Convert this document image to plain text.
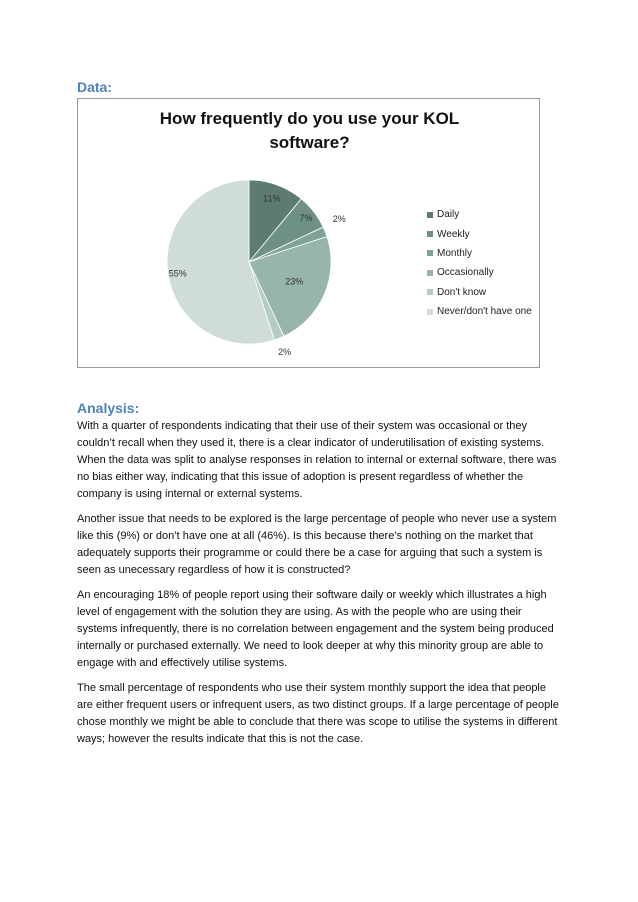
Data:
How frequently do you use your KOL
software?
11%
7% 2%
23%
2%
55%
Daily
Weekly
Monthly
Occasionally
Don't know
Never/don't have one
Analysis:

With a quarter of respondents indicating that their use of their system was occasional or they couldn’t recall when they used it, there is a clear indicator of underutilisation of existing systems. When the data was split to analyse responses in relation to internal or external software, there was no bias either way, indicating that this issue of adoption is present regardless of whether the company is using internal or external systems.

Another issue that needs to be explored is the large percentage of people who never use a system like this (9%) or don’t have one at all (46%). Is this because there’s nothing on the market that adequately supports their programme or could there be a case for arguing that such a system is seen as unecessary regardless of how it is constructed?

An encouraging 18% of people report using their software daily or weekly which illustrates a high level of engagement with the solution they are using. As with the people who are using their systems infrequently, there is no correlation between engagement and the system being produced internally or purchased externally. We need to look deeper at why this minority group are able to engage with and effectively utilise systems.

The small percentage of respondents who use their system monthly support the idea that people are either frequent users or infrequent users, as two distinct groups. If a large percentage of people chose monthly we might be able to conclude that there was scope to utilise the systems in different ways; however the results indicate that this is not the case.
